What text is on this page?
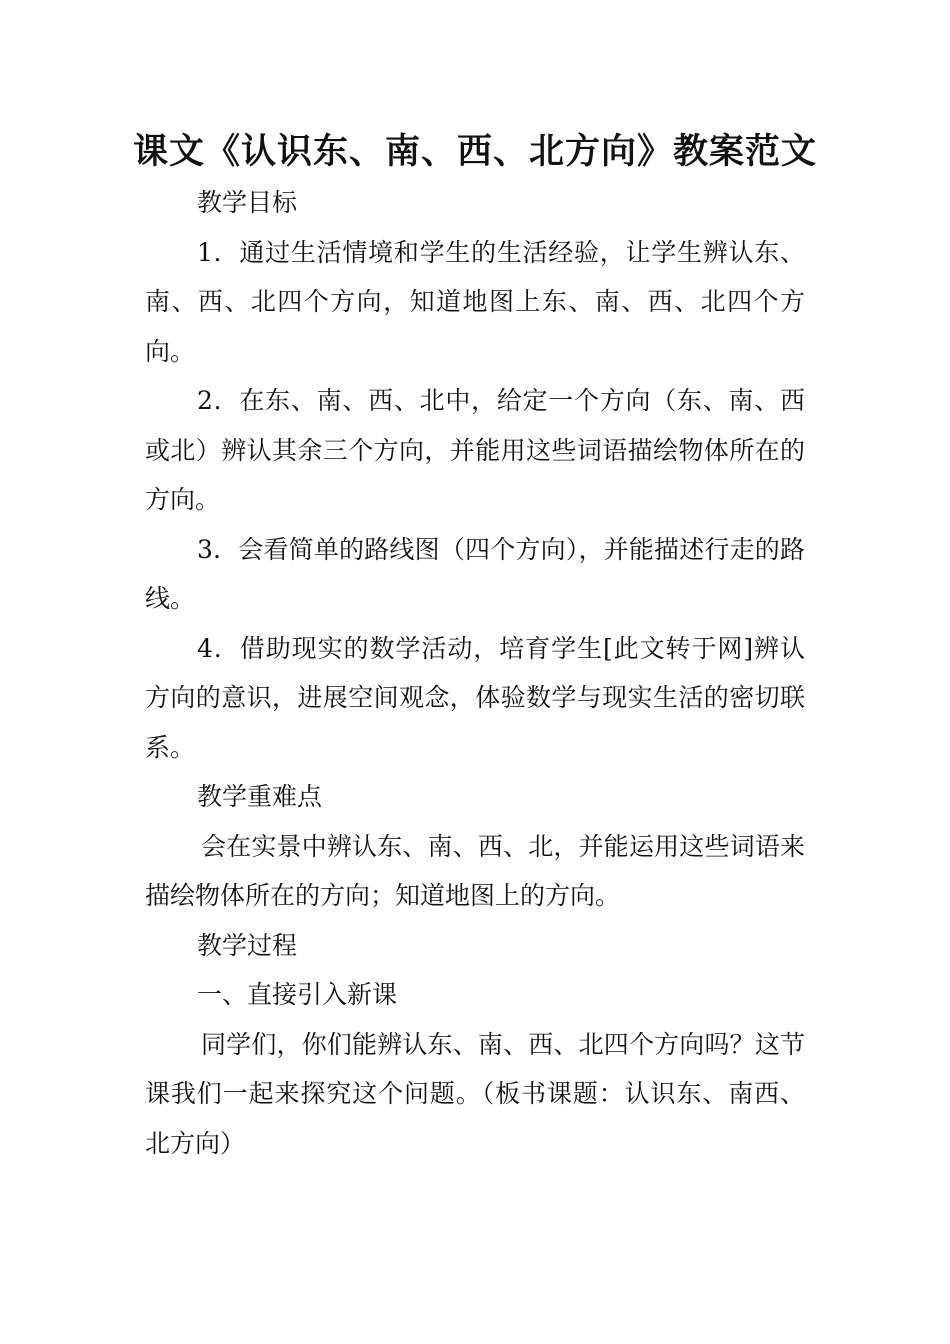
课文《认识东、南、西、北方向》教案范文

教学目标

1．通过生活情境和学生的生活经验，让学生辨认东、南、西、北四个方向，知道地图上东、南、西、北四个方向。

2．在东、南、西、北中，给定一个方向（东、南、西或北）辨认其余三个方向，并能用这些词语描绘物体所在的方向。

3．会看简单的路线图（四个方向），并能描述行走的路线。

4．借助现实的数学活动，培育学生[此文转于网]辨认方向的意识，进展空间观念，体验数学与现实生活的密切联系。

教学重难点

会在实景中辨认东、南、西、北，并能运用这些词语来描绘物体所在的方向；知道地图上的方向。

教学过程

一、直接引入新课

同学们，你们能辨认东、南、西、北四个方向吗？这节课我们一起来探究这个问题。（板书课题：认识东、南西、北方向）
